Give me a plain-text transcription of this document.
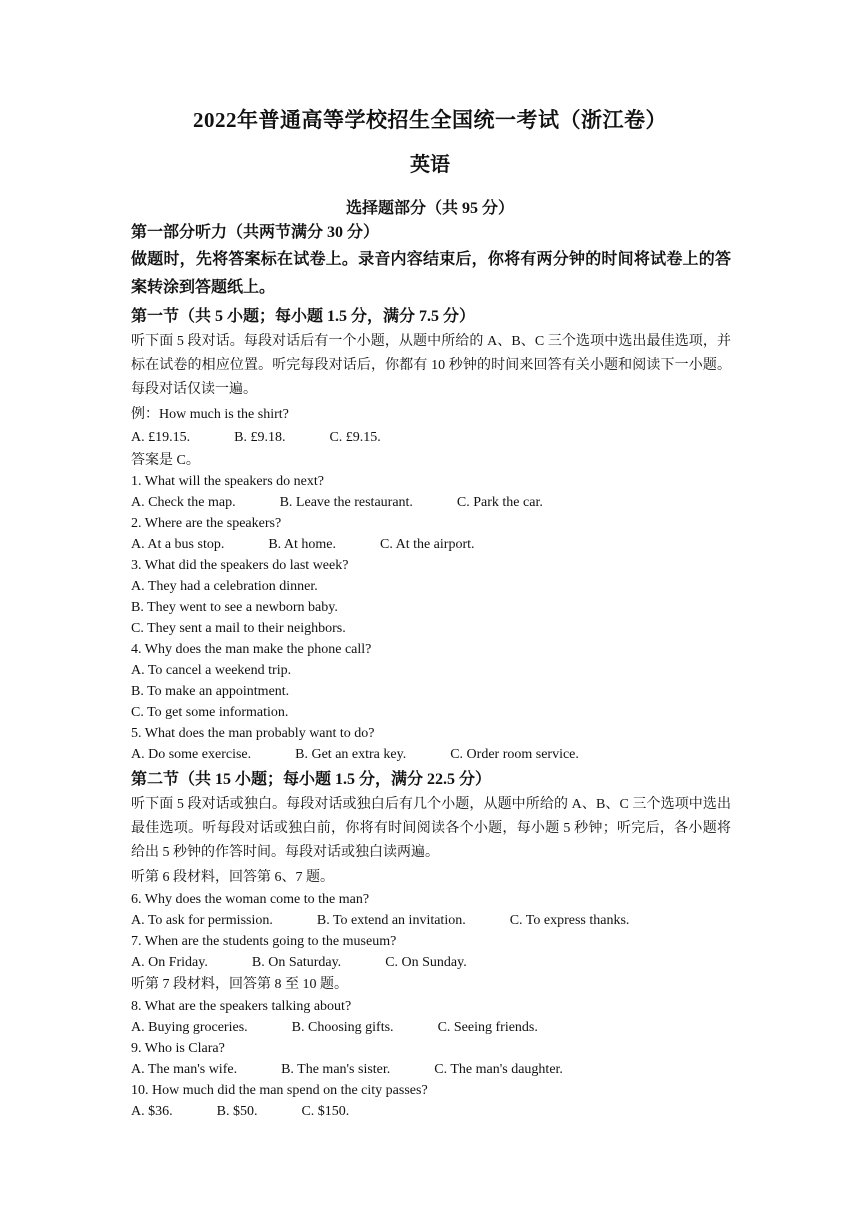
2022年普通高等学校招生全国统一考试（浙江卷）
英语
选择题部分（共 95 分）
第一部分听力（共两节满分 30 分）
做题时，先将答案标在试卷上。录音内容结束后，你将有两分钟的时间将试卷上的答案转涂到答题纸上。
第一节（共 5 小题；每小题 1.5 分，满分 7.5 分）
听下面 5 段对话。每段对话后有一个小题，从题中所给的 A、B、C 三个选项中选出最佳选项，并标在试卷的相应位置。听完每段对话后，你都有 10 秒钟的时间来回答有关小题和阅读下一小题。每段对话仅读一遍。
例：How much is the shirt?
A. £19.15.	B. £9.18.	C. £9.15.
答案是 C。
1. What will the speakers do next?
A. Check the map.	B. Leave the restaurant.	C. Park the car.
2. Where are the speakers?
A. At a bus stop.	B. At home.	C. At the airport.
3. What did the speakers do last week?
A. They had a celebration dinner.
B. They went to see a newborn baby.
C. They sent a mail to their neighbors.
4. Why does the man make the phone call?
A. To cancel a weekend trip.
B. To make an appointment.
C. To get some information.
5. What does the man probably want to do?
A. Do some exercise.	B. Get an extra key.	C. Order room service.
第二节（共 15 小题；每小题 1.5 分，满分 22.5 分）
听下面 5 段对话或独白。每段对话或独白后有几个小题，从题中所给的 A、B、C 三个选项中选出最佳选项。听每段对话或独白前，你将有时间阅读各个小题，每小题 5 秒钟；听完后，各小题将给出 5 秒钟的作答时间。每段对话或独白读两遍。
听第 6 段材料，回答第 6、7 题。
6. Why does the woman come to the man?
A. To ask for permission.	B. To extend an invitation.	C. To express thanks.
7. When are the students going to the museum?
A. On Friday.	B. On Saturday.	C. On Sunday.
听第 7 段材料，回答第 8 至 10 题。
8. What are the speakers talking about?
A. Buying groceries.	B. Choosing gifts.	C. Seeing friends.
9. Who is Clara?
A. The man's wife.	B. The man's sister.	C. The man's daughter.
10. How much did the man spend on the city passes?
A. $36.	B. $50.	C. $150.
